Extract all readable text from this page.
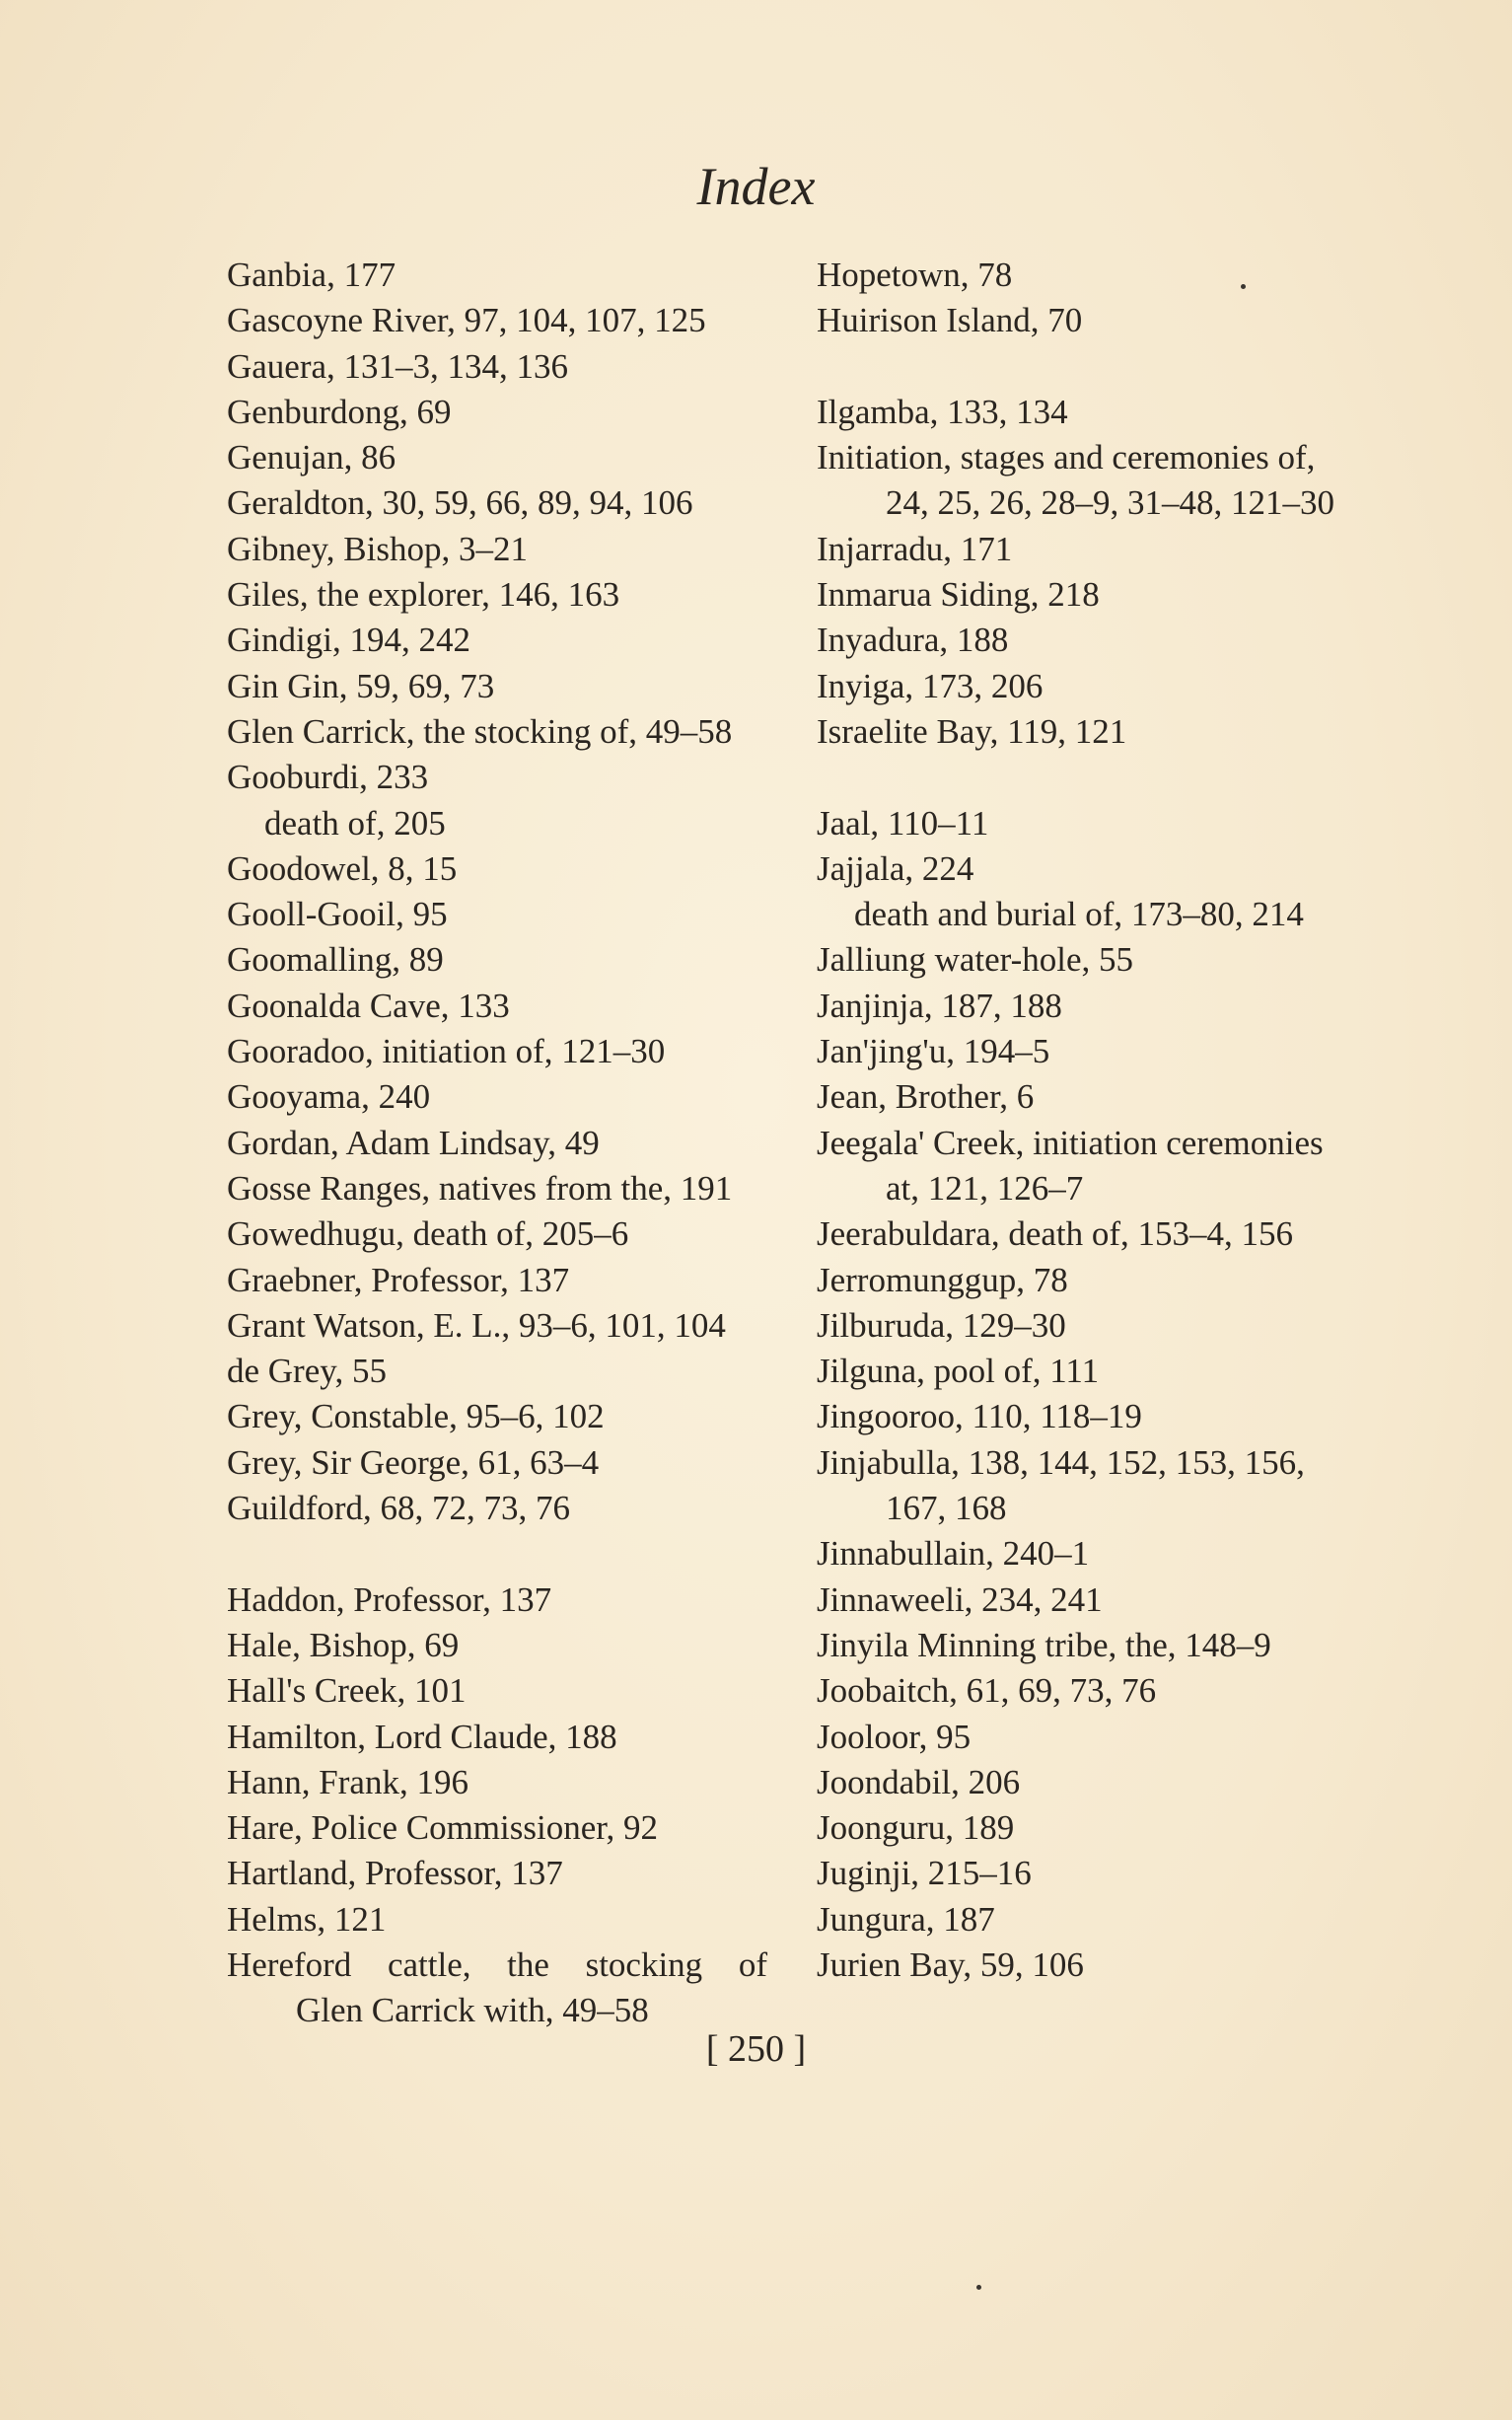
Index
Ganbia, 177
Gascoyne River, 97, 104, 107, 125
Gauera, 131–3, 134, 136
Genburdong, 69
Genujan, 86
Geraldton, 30, 59, 66, 89, 94, 106
Gibney, Bishop, 3–21
Giles, the explorer, 146, 163
Gindigi, 194, 242
Gin Gin, 59, 69, 73
Glen Carrick, the stocking of, 49–58
Gooburdi, 233
death of, 205
Goodowel, 8, 15
Gooll-Gooil, 95
Goomalling, 89
Goonalda Cave, 133
Gooradoo, initiation of, 121–30
Gooyama, 240
Gordan, Adam Lindsay, 49
Gosse Ranges, natives from the, 191
Gowedhugu, death of, 205–6
Graebner, Professor, 137
Grant Watson, E. L., 93–6, 101, 104
de Grey, 55
Grey, Constable, 95–6, 102
Grey, Sir George, 61, 63–4
Guildford, 68, 72, 73, 76
Haddon, Professor, 137
Hale, Bishop, 69
Hall's Creek, 101
Hamilton, Lord Claude, 188
Hann, Frank, 196
Hare, Police Commissioner, 92
Hartland, Professor, 137
Helms, 121
Hereford cattle, the stocking of
Glen Carrick with, 49–58
Hopetown, 78
Huirison Island, 70
Ilgamba, 133, 134
Initiation, stages and ceremonies of,
24, 25, 26, 28–9, 31–48, 121–30
Injarradu, 171
Inmarua Siding, 218
Inyadura, 188
Inyiga, 173, 206
Israelite Bay, 119, 121
Jaal, 110–11
Jajjala, 224
death and burial of, 173–80, 214
Jalliung water-hole, 55
Janjinja, 187, 188
Jan'jing'u, 194–5
Jean, Brother, 6
Jeegala' Creek, initiation ceremonies
at, 121, 126–7
Jeerabuldara, death of, 153–4, 156
Jerromunggup, 78
Jilburuda, 129–30
Jilguna, pool of, 111
Jingooroo, 110, 118–19
Jinjabulla, 138, 144, 152, 153, 156,
167, 168
Jinnabullain, 240–1
Jinnaweeli, 234, 241
Jinyila Minning tribe, the, 148–9
Joobaitch, 61, 69, 73, 76
Jooloor, 95
Joondabil, 206
Joonguru, 189
Juginji, 215–16
Jungura, 187
Jurien Bay, 59, 106
[ 250 ]
